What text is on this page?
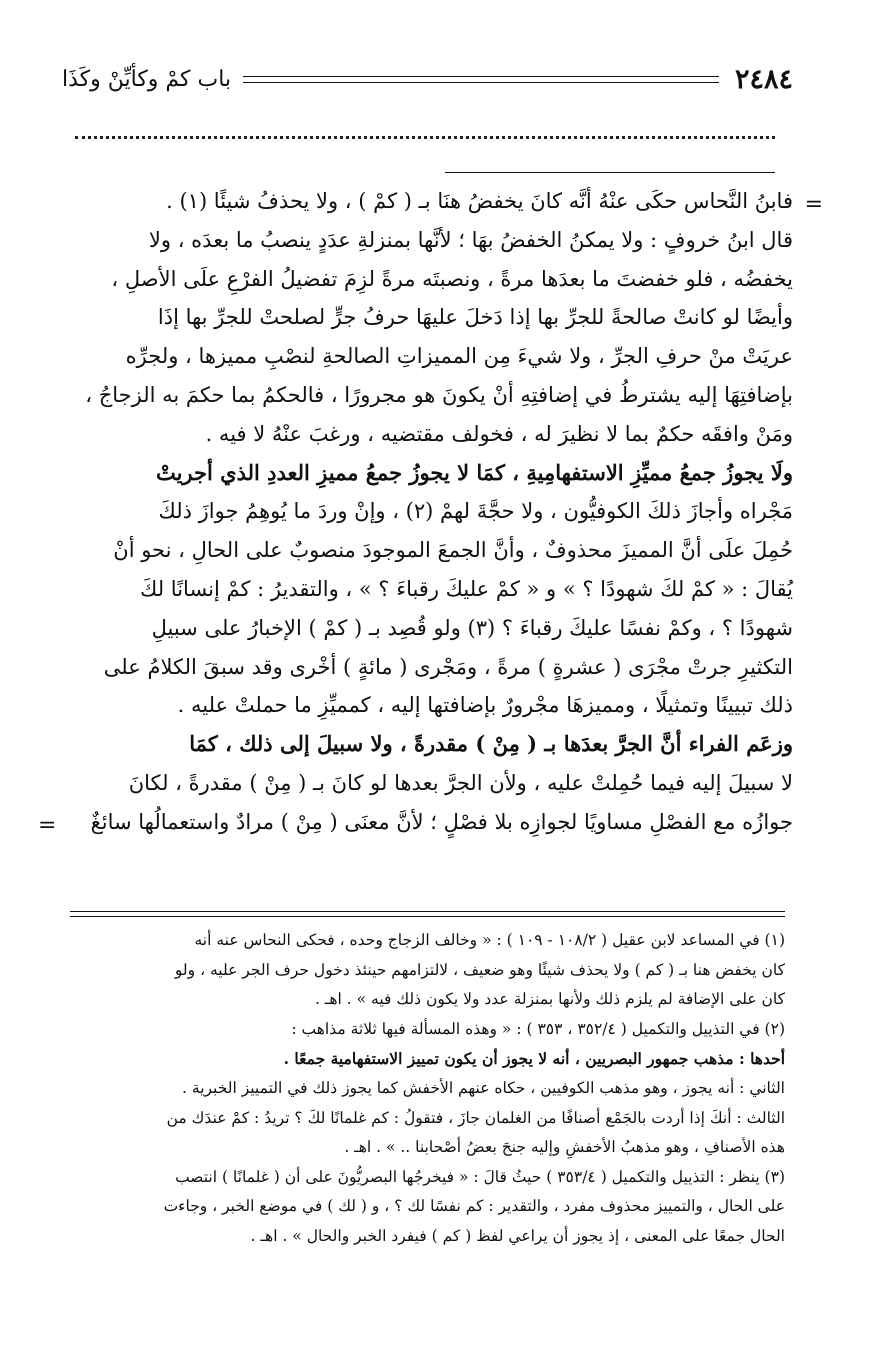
٢٤٨٤
باب كمْ وكأيِّنْ وكَذَا
=

فابنُ النَّحاس حكَى عنْهُ أنَّه كانَ يخفضُ هنَا بـ ( كمْ ) ، ولا يحذفُ شيئًا (١) .

قال ابنُ خروفٍ : ولا يمكنُ الخفضُ بهَا ؛ لأنَّها بمنزلةِ عدَدٍ ينصبُ ما بعدَه ، ولا

يخفضُه ، فلو خفضتَ ما بعدَها مرةً ، ونصبتَه مرةً لزِمَ تفضيلُ الفرْعِ علَى الأصلِ ،

وأيضًا لو كانتْ صالحةً للجرِّ بها إذا دَخلَ عليهَا حرفُ جرٍّ لصلحتْ للجرِّ بها إذَا

عريَتْ منْ حرفِ الجرِّ ، ولا شيءَ مِن المميزاتِ الصالحةِ لنصْبِ مميزها ، ولجرِّه

بإضافتِهَا إليه يشترطُ في إضافتِهِ أنْ يكونَ هو مجرورًا ، فالحكمُ بما حكمَ به الزجاجُ ،

ومَنْ وافقَه حكمٌ بما لا نظيرَ له ، فخولف مقتضيه ، ورغبَ عنْهُ لا فيه .

ولَا يجوزُ جمعُ مميِّزِ الاستفهامِيةِ ، كمَا لا يجوزُ جمعُ مميزِ العددِ الذي أجريتْ

مَجْراه وأجازَ ذلكَ الكوفيُّون ، ولا حجَّةَ لهمْ (٢) ، وإنْ وردَ ما يُوهِمُ جوازَ ذلكَ

حُمِلَ علَى أنَّ المميزَ محذوفٌ ، وأنَّ الجمعَ الموجودَ منصوبٌ على الحالِ ، نحو أنْ

يُقالَ : « كمْ لكَ شهودًا ؟ » و « كمْ عليكَ رقباءَ ؟ » ، والتقديرُ : كمْ إنسانًا لكَ

شهودًا ؟ ، وكمْ نفسًا عليكَ رقباءَ ؟ (٣) ولو قُصِد بـ ( كمْ ) الإخبارُ على سبيلِ

التكثيرِ جرتْ مجْرَى ( عشرةٍ ) مرةً ، ومَجْرى ( مائةٍ ) أخْرى وقد سبقَ الكلامُ على

ذلك تبيينًا وتمثيلًا ، ومميزهَا مجْرورٌ بإضافتها إليه ، كمميِّزِ ما حملتْ عليه .

وزعَم الفراء أنَّ الجرَّ بعدَها بـ ( مِنْ ) مقدرةً ، ولا سبيلَ إلى ذلك ، كمَا

لا سبيلَ إليه فيما حُمِلتْ عليه ، ولأن الجرَّ بعدها لو كانَ بـ ( مِنْ ) مقدرةً ، لكانَ

جوازُه مع الفصْلِ مساويًا لجوازِه بلا فصْلٍ ؛ لأنَّ معنَى ( مِنْ ) مرادٌ واستعمالُها سائغٌ

=

(١) في المساعد لابن عقيل ( ١٠٨/٢ - ١٠٩ ) : « وخالف الزجاج وحده ، فحكى النحاس عنه أنه

كان يخفض هنا بـ ( كم ) ولا يحذف شيئًا وهو ضعيف ، لالتزامهم حينئذ دخول حرف الجر عليه ، ولو

كان على الإضافة لم يلزم ذلك ولأنها بمنزلة عدد ولا يكون ذلك فيه » . اهـ .

(٢) في التذييل والتكميل ( ٣٥٢/٤ ، ٣٥٣ ) : « وهذه المسألة فيها ثلاثة مذاهب :

أحدها : مذهب جمهور البصريين ، أنه لا يجوز أن يكون تمييز الاستفهامية جمعًا .

الثاني : أنه يجوز ، وهو مذهب الكوفيين ، حكاه عنهم الأخفش كما يجوز ذلك في التمييز الخبرية .

الثالث : أنكَ إذا أردت بالجَمْع أصنافًا من الغلمان جازَ ، فتقولُ : كم غلمانًا لكَ ؟ تريدُ : كمْ عندَك من

هذه الأصنافِ ، وهو مذهبُ الأخفشِ وإليه جنحَ بعضُ أصْحابنا .. » . اهـ .

(٣) ينظر : التذييل والتكميل ( ٣٥٣/٤ ) حيثُ قالَ : « فيخرجُها البصريُّونَ على أن ( غلمانًا ) انتصب

على الحال ، والتمييز محذوف مفرد ، والتقدير : كم نفسًا لك ؟ ، و ( لك ) في موضع الخبر ، وجاءت

الحال جمعًا على المعنى ، إذ يجوز أن يراعي لفظ ( كم ) فيفرد الخبر والحال » . اهـ .
